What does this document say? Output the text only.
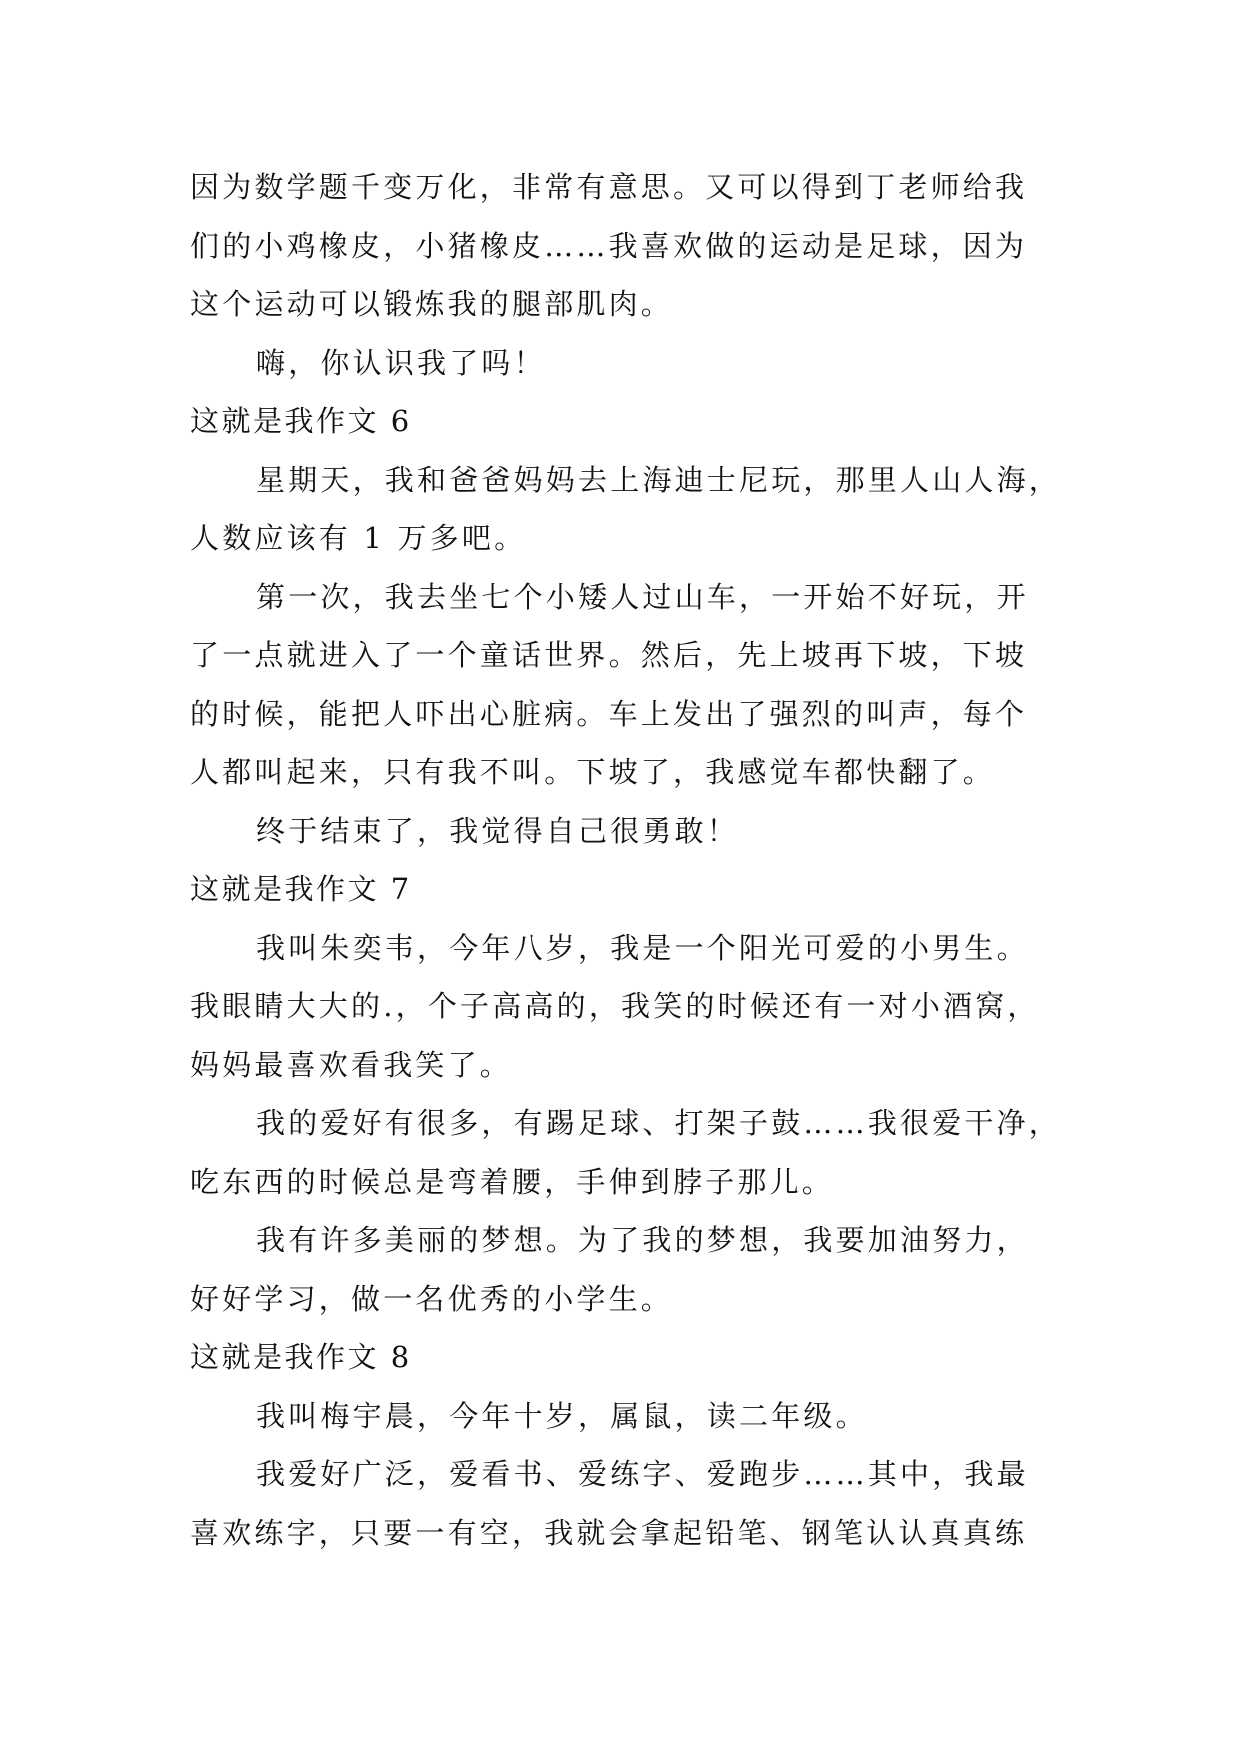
因为数学题千变万化，非常有意思。又可以得到丁老师给我
们的小鸡橡皮，小猪橡皮……我喜欢做的运动是足球，因为
这个运动可以锻炼我的腿部肌肉。
嗨，你认识我了吗！
这就是我作文 6
星期天，我和爸爸妈妈去上海迪士尼玩，那里人山人海，
人数应该有 1 万多吧。
第一次，我去坐七个小矮人过山车，一开始不好玩，开
了一点就进入了一个童话世界。然后，先上坡再下坡，下坡
的时候，能把人吓出心脏病。车上发出了强烈的叫声，每个
人都叫起来，只有我不叫。下坡了，我感觉车都快翻了。
终于结束了，我觉得自己很勇敢！
这就是我作文 7
我叫朱奕韦，今年八岁，我是一个阳光可爱的小男生。
我眼睛大大的.，个子高高的，我笑的时候还有一对小酒窝，
妈妈最喜欢看我笑了。
我的爱好有很多，有踢足球、打架子鼓……我很爱干净，
吃东西的时候总是弯着腰，手伸到脖子那儿。
我有许多美丽的梦想。为了我的梦想，我要加油努力，
好好学习，做一名优秀的小学生。
这就是我作文 8
我叫梅宇晨，今年十岁，属鼠，读二年级。
我爱好广泛，爱看书、爱练字、爱跑步……其中，我最
喜欢练字，只要一有空，我就会拿起铅笔、钢笔认认真真练
